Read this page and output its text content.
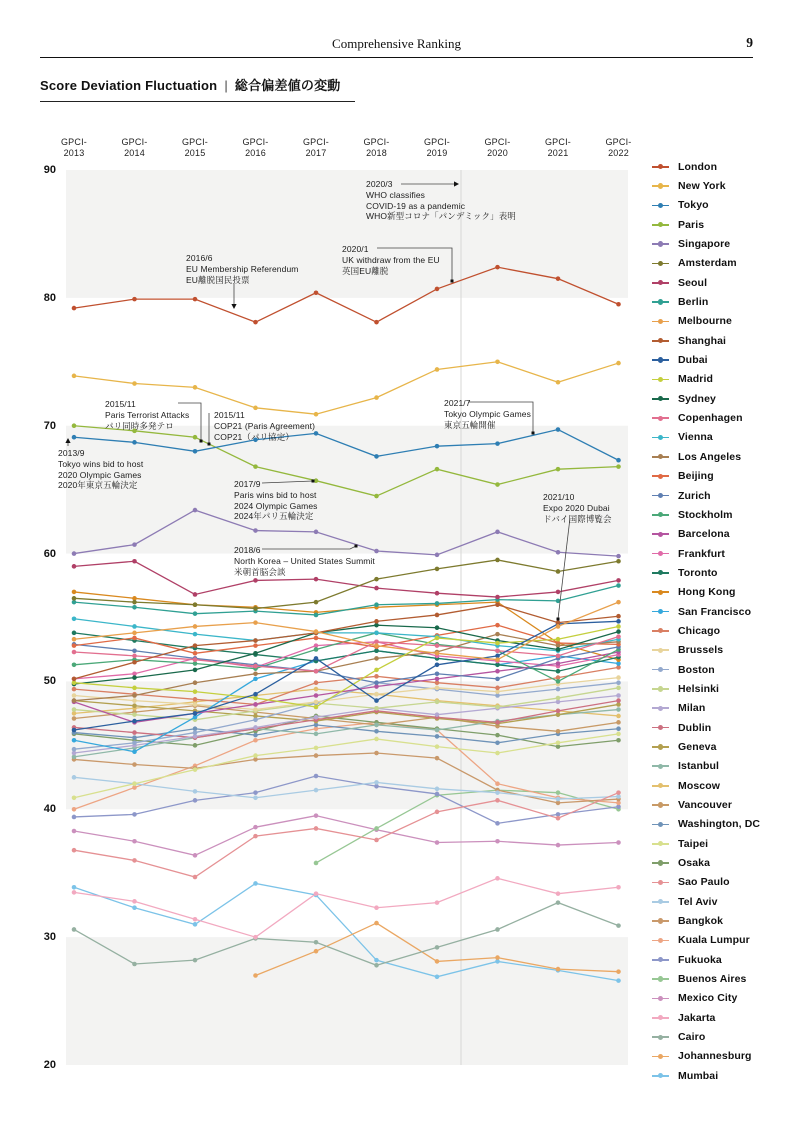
Comprehensive Ranking	9
Score Deviation Fluctuation | 総合偏差値の変動
GPCI-
2013
GPCI-
2014
GPCI-
2015
GPCI-
2016
GPCI-
2017
GPCI-
2018
GPCI-
2019
GPCI-
2020
GPCI-
2021
GPCI-
2022
90
80
70
60
50
40
30
20
2020/3
WHO classifies
COVID-19 as a pandemic
WHO新型コロナ「パンデミック」表明
2016/6
EU Membership Referendum
EU離脱国民投票
2020/1
UK withdraw from the EU
英国EU離脱
2015/11
Paris Terrorist Attacks
パリ同時多発テロ
2015/11
COP21 (Paris Agreement)
COP21（パリ協定）
2013/9
Tokyo wins bid to host
2020 Olympic Games
2020年東京五輪決定	2017/9
Paris wins bid to host
2024 Olympic Games
2024年パリ五輪決定
2018/6
North Korea – United States Summit
米朝首脳会談
2021/7
Tokyo Olympic Games
東京五輪開催
2021/10
Expo 2020 Dubai
ドバイ国際博覧会
London
New York
Tokyo
Paris
Singapore
Amsterdam
Seoul
Berlin
Melbourne
Shanghai
Dubai
Madrid
Sydney
Copenhagen
Vienna
Los Angeles
Beijing
Zurich
Stockholm
Barcelona
Frankfurt
Toronto
Hong Kong
San Francisco
Chicago
Brussels
Boston
Helsinki
Milan
Dublin
Geneva
Istanbul
Moscow
Vancouver
Washington, DC
Taipei
Osaka
Sao Paulo
Tel Aviv
Bangkok
Kuala Lumpur
Fukuoka
Buenos Aires
Mexico City
Jakarta
Cairo
Johannesburg
Mumbai
